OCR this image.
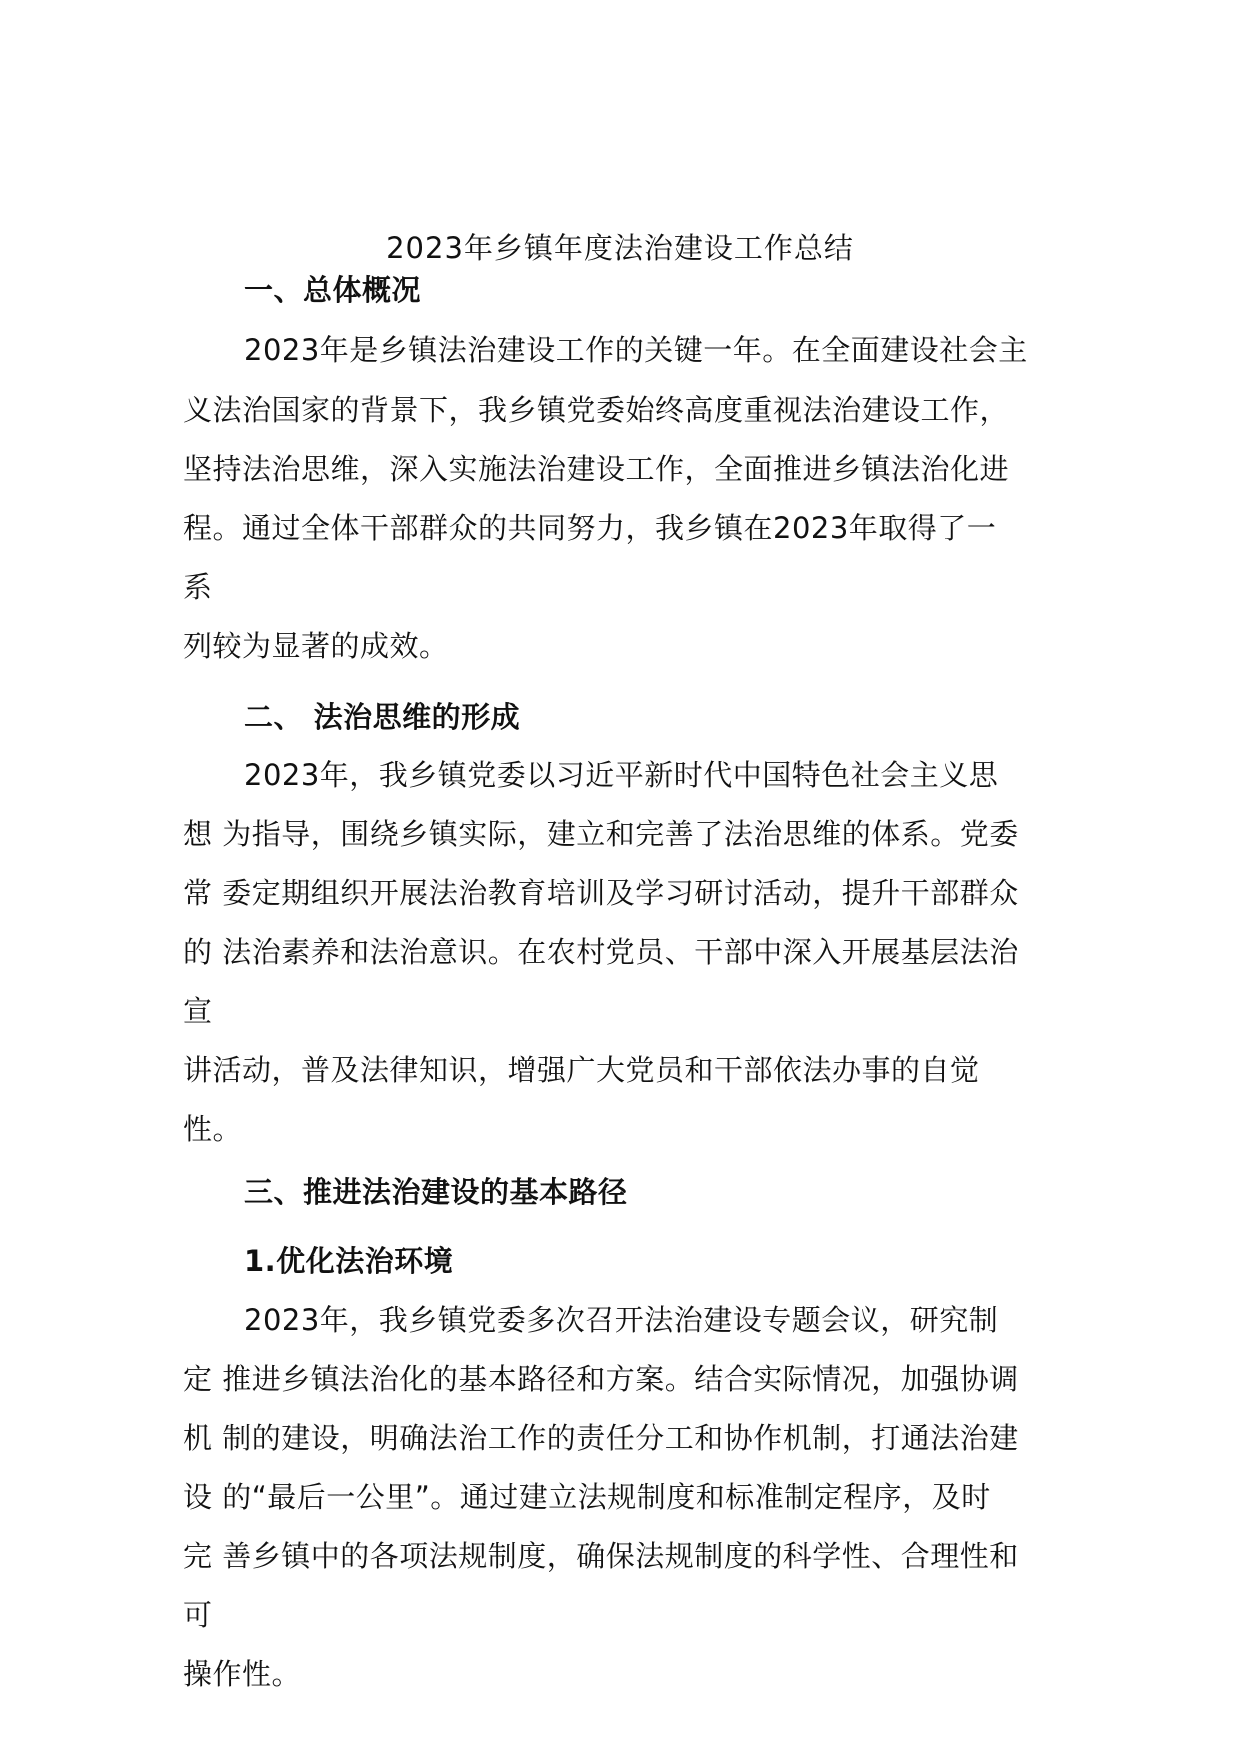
2023年乡镇年度法治建设工作总结
一、总体概况
2023年是乡镇法治建设工作的关键一年。在全面建设社会主
义法治国家的背景下，我乡镇党委始终高度重视法治建设工作，
坚持法治思维，深入实施法治建设工作，全面推进乡镇法治化进
程。通过全体干部群众的共同努力，我乡镇在2023年取得了一
系
列较为显著的成效。
二、 法治思维的形成
2023年，我乡镇党委以习近平新时代中国特色社会主义思
想 为指导，围绕乡镇实际，建立和完善了法治思维的体系。党委
常 委定期组织开展法治教育培训及学习研讨活动，提升干部群众
的 法治素养和法治意识。在农村党员、干部中深入开展基层法治
宣
讲活动，普及法律知识，增强广大党员和干部依法办事的自觉
性。
三、推进法治建设的基本路径
1.优化法治环境
2023年，我乡镇党委多次召开法治建设专题会议，研究制
定 推进乡镇法治化的基本路径和方案。结合实际情况，加强协调
机 制的建设，明确法治工作的责任分工和协作机制，打通法治建
设 的“最后一公里”。通过建立法规制度和标准制定程序，及时
完 善乡镇中的各项法规制度，确保法规制度的科学性、合理性和
可
操作性。
